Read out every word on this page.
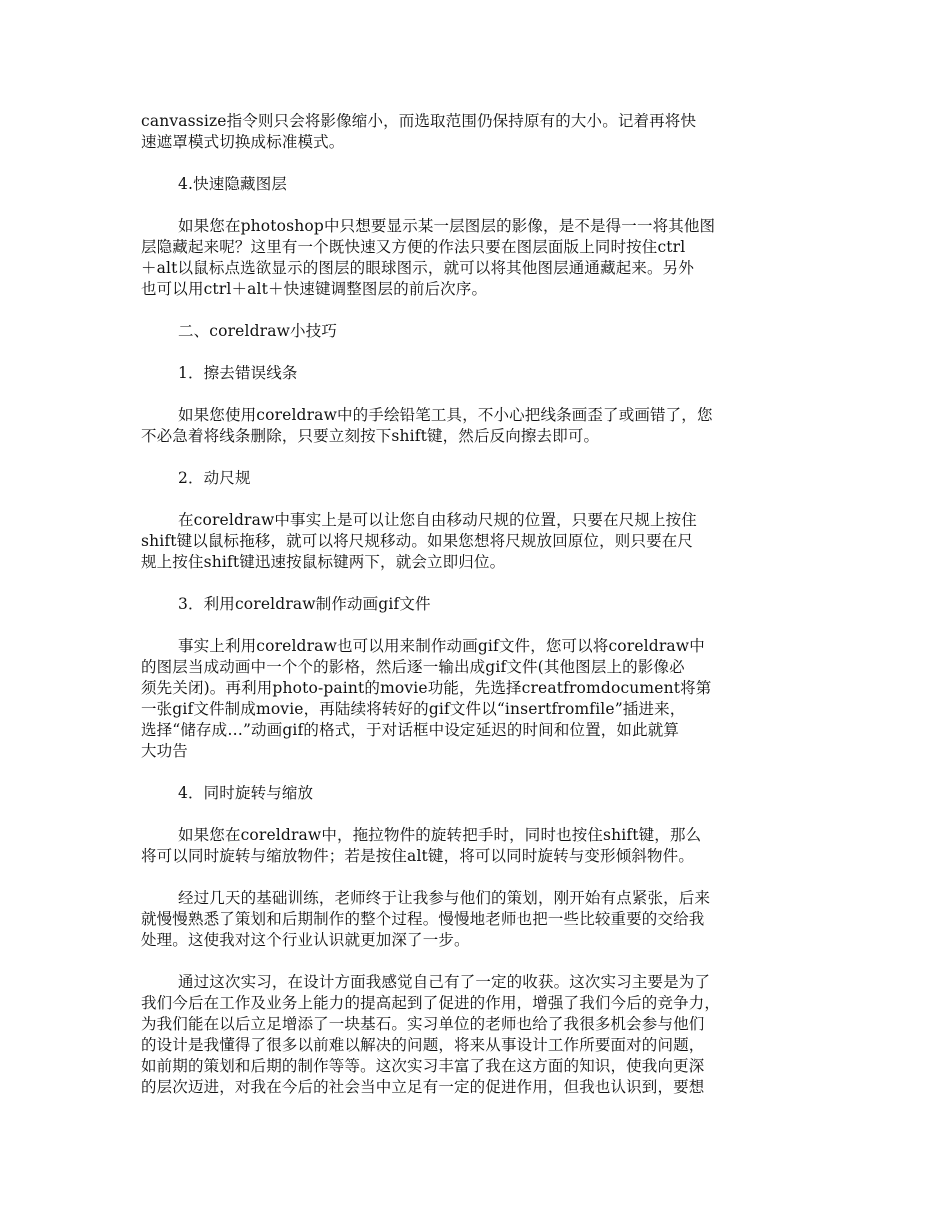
canvassize指令则只会将影像缩小，而选取范围仍保持原有的大小。记着再将快
速遮罩模式切换成标准模式。
4.快速隐藏图层
如果您在photoshop中只想要显示某一层图层的影像，是不是得一一将其他图
层隐藏起来呢？这里有一个既快速又方便的作法只要在图层面版上同时按住ctrl
＋alt以鼠标点选欲显示的图层的眼球图示，就可以将其他图层通通藏起来。另外
也可以用ctrl＋alt＋快速键调整图层的前后次序。
二、coreldraw小技巧
1．擦去错误线条
如果您使用coreldraw中的手绘铅笔工具，不小心把线条画歪了或画错了，您
不必急着将线条删除，只要立刻按下shift键，然后反向擦去即可。
2．动尺规
在coreldraw中事实上是可以让您自由移动尺规的位置，只要在尺规上按住
shift键以鼠标拖移，就可以将尺规移动。如果您想将尺规放回原位，则只要在尺
规上按住shift键迅速按鼠标键两下，就会立即归位。
3．利用coreldraw制作动画gif文件
事实上利用coreldraw也可以用来制作动画gif文件，您可以将coreldraw中
的图层当成动画中一个个的影格，然后逐一输出成gif文件(其他图层上的影像必
须先关闭)。再利用photo-paint的movie功能，先选择creatfromdocument将第
一张gif文件制成movie，再陆续将转好的gif文件以“insertfromfile”插进来，
选择“储存成…”动画gif的格式，于对话框中设定延迟的时间和位置，如此就算
大功告
4．同时旋转与缩放
如果您在coreldraw中，拖拉物件的旋转把手时，同时也按住shift键，那么
将可以同时旋转与缩放物件；若是按住alt键，将可以同时旋转与变形倾斜物件。
经过几天的基础训练，老师终于让我参与他们的策划，刚开始有点紧张，后来
就慢慢熟悉了策划和后期制作的整个过程。慢慢地老师也把一些比较重要的交给我
处理。这使我对这个行业认识就更加深了一步。
通过这次实习，在设计方面我感觉自己有了一定的收获。这次实习主要是为了
我们今后在工作及业务上能力的提高起到了促进的作用，增强了我们今后的竞争力，
为我们能在以后立足增添了一块基石。实习单位的老师也给了我很多机会参与他们
的设计是我懂得了很多以前难以解决的问题，将来从事设计工作所要面对的问题，
如前期的策划和后期的制作等等。这次实习丰富了我在这方面的知识，使我向更深
的层次迈进，对我在今后的社会当中立足有一定的促进作用，但我也认识到，要想
